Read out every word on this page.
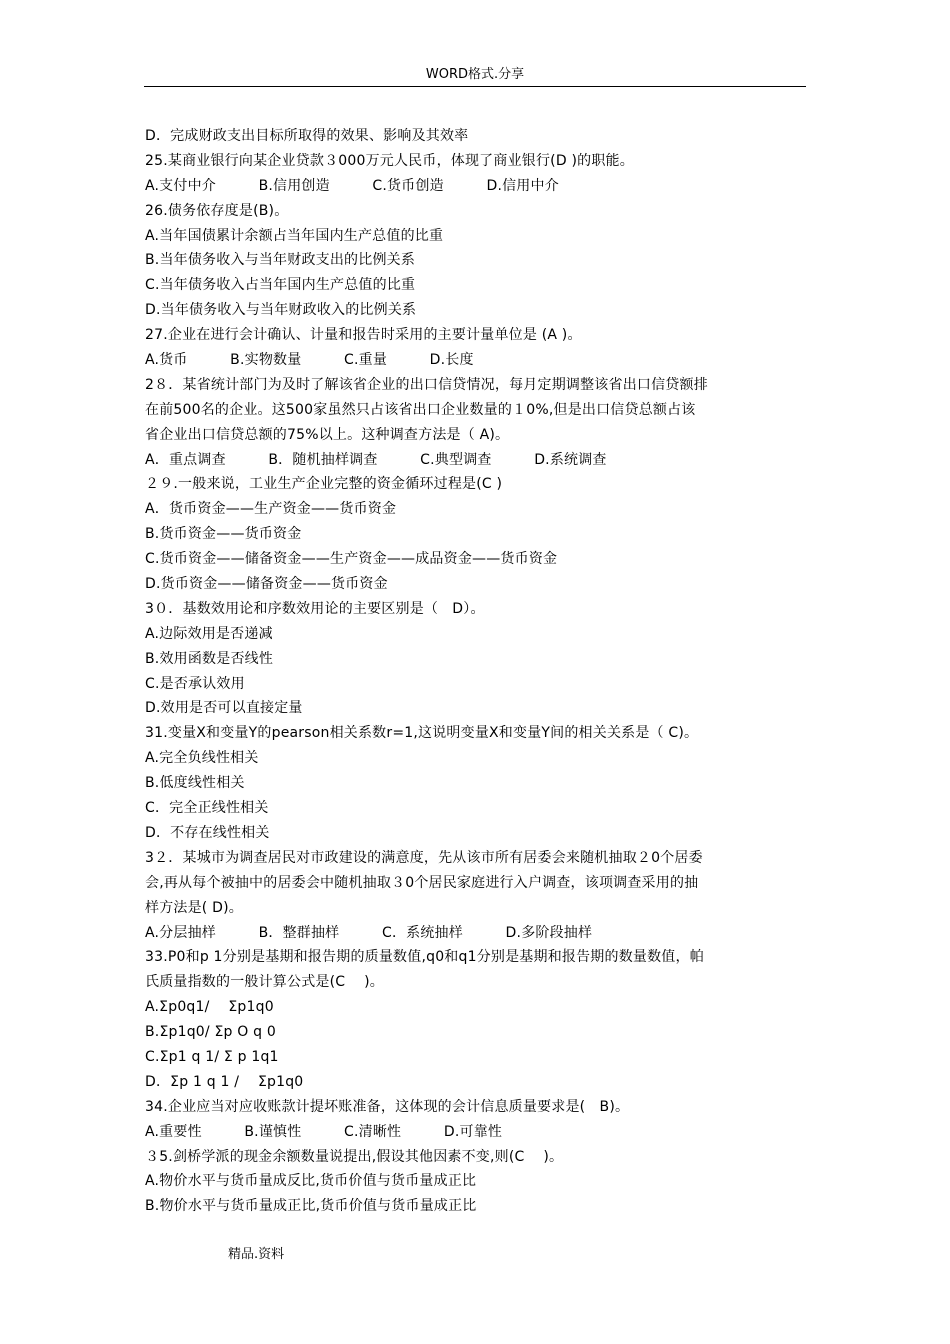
WORD格式.分享
D．完成财政支出目标所取得的效果、影响及其效率
25.某商业银行向某企业贷款３000万元人民币，体现了商业银行(D )的职能。
A.支付中介　　　B.信用创造　　　C.货币创造　　　D.信用中介
26.债务依存度是(B)。
A.当年国债累计余额占当年国内生产总值的比重
B.当年债务收入与当年财政支出的比例关系
C.当年债务收入占当年国内生产总值的比重
D.当年债务收入与当年财政收入的比例关系
27.企业在进行会计确认、计量和报告时采用的主要计量单位是 (A )。
A.货币　　　B.实物数量　　　C.重量　　　D.长度
2８．某省统计部门为及时了解该省企业的出口信贷情况，每月定期调整该省出口信贷额排
在前500名的企业。这500家虽然只占该省出口企业数量的１0%,但是出口信贷总额占该
省企业出口信贷总额的75%以上。这种调查方法是（ A)。
A．重点调查　　　B．随机抽样调查　　　C.典型调查　　　D.系统调查
２９.一般来说，工业生产企业完整的资金循环过程是(C )
A．货币资金——生产资金——货币资金
B.货币资金——货币资金
C.货币资金——储备资金——生产资金——成品资金——货币资金
D.货币资金——储备资金——货币资金
3０．基数效用论和序数效用论的主要区别是（　D）。
A.边际效用是否递减
B.效用函数是否线性
C.是否承认效用
D.效用是否可以直接定量
31.变量X和变量Y的pearson相关系数r=1,这说明变量X和变量Y间的相关关系是（ C)。
A.完全负线性相关
B.低度线性相关
C．完全正线性相关
D．不存在线性相关
3２．某城市为调查居民对市政建设的满意度，先从该市所有居委会来随机抽取２0个居委
会,再从每个被抽中的居委会中随机抽取３0个居民家庭进行入户调查，该项调查采用的抽
样方法是( D)。
A.分层抽样　　　B．整群抽样　　　C．系统抽样　　　D.多阶段抽样
33.P0和p 1分别是基期和报告期的质量数值,q0和q1分别是基期和报告期的数量数值，帕
氏质量指数的一般计算公式是(C　 )。
A.Σp0q1/　 Σp1q0
B.Σp1q0/ Σp O q 0
C.Σp1 q 1/ Σ p 1q1
D．Σp 1 q 1 / 　Σp1q0
34.企业应当对应收账款计提坏账准备，这体现的会计信息质量要求是(　B)。
A.重要性　　　B.谨慎性　　　C.清晰性　　　D.可靠性
３5.剑桥学派的现金余额数量说提出,假设其他因素不变,则(C　 )。
A.物价水平与货币量成反比,货币价值与货币量成正比
B.物价水平与货币量成正比,货币价值与货币量成正比
精品.资料
